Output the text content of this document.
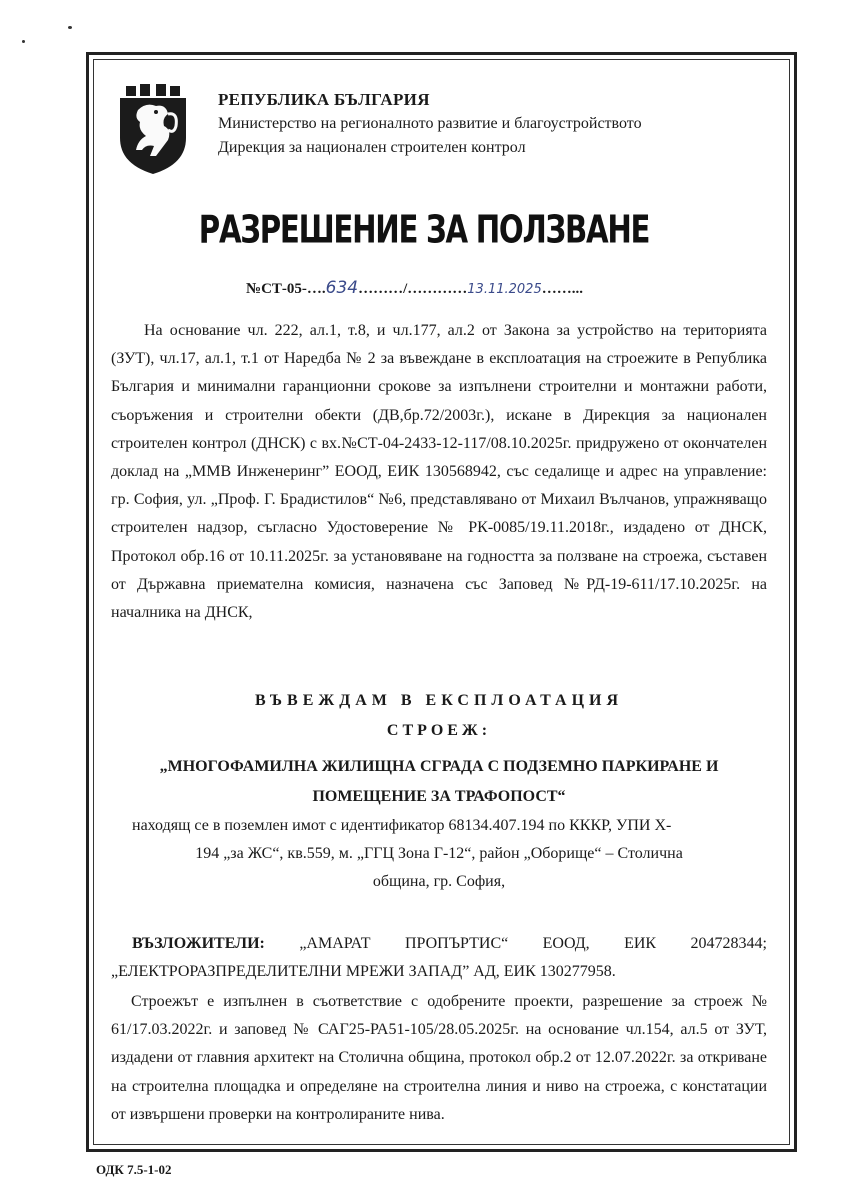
РЕПУБЛИКА БЪЛГАРИЯ
Министерство на регионалното развитие и благоустройството
Дирекция за национален строителен контрол
РАЗРЕШЕНИЕ ЗА ПОЛЗВАНЕ
№СТ-05-….634………/…………13.11.2025……...
На основание чл. 222, ал.1, т.8, и чл.177, ал.2 от Закона за устройство на територията (ЗУТ), чл.17, ал.1, т.1 от Наредба № 2 за въвеждане в експлоатация на строежите в Република България и минимални гаранционни срокове за изпълнени строителни и монтажни работи, съоръжения и строителни обекти (ДВ,бр.72/2003г.), искане в Дирекция за национален строителен контрол (ДНСК) с вх.№СТ-04-2433-12-117/08.10.2025г. придружено от окончателен доклад на „ММВ Инженеринг” ЕООД, ЕИК 130568942, със седалище и адрес на управление: гр. София, ул. „Проф. Г. Брадистилов“ №6, представлявано от Михаил Вълчанов, упражняващо строителен надзор, съгласно Удостоверение № РК-0085/19.11.2018г., издадено от ДНСК, Протокол обр.16 от 10.11.2025г. за установяване на годността за ползване на строежа, съставен от Държавна приемателна комисия, назначена със Заповед №РД-19-611/17.10.2025г. на началника на ДНСК,
ВЪВЕЖДАМ В ЕКСПЛОАТАЦИЯ
СТРОЕЖ:
„МНОГОФАМИЛНА ЖИЛИЩНА СГРАДА С ПОДЗЕМНО ПАРКИРАНЕ И
ПОМЕЩЕНИЕ ЗА ТРАФОПОСТ“
находящ се в поземлен имот с идентификатор 68134.407.194 по КККР, УПИ Х-
194 „за ЖС“, кв.559, м. „ГГЦ Зона Г-12“, район „Оборище“ – Столична
община, гр. София,
ВЪЗЛОЖИТЕЛИ: „АМАРАТ ПРОПЪРТИС“ ЕООД, ЕИК 204728344;
„ЕЛЕКТРОРАЗПРЕДЕЛИТЕЛНИ МРЕЖИ ЗАПАД” АД, ЕИК 130277958.
Строежът е изпълнен в съответствие с одобрените проекти, разрешение за строеж № 61/17.03.2022г. и заповед № САГ25-РА51-105/28.05.2025г. на основание чл.154, ал.5 от ЗУТ, издадени от главния архитект на Столична община, протокол обр.2 от 12.07.2022г. за откриване на строителна площадка и определяне на строителна линия и ниво на строежа, с констатации от извършени проверки на контролираните нива.
ОДК 7.5-1-02
